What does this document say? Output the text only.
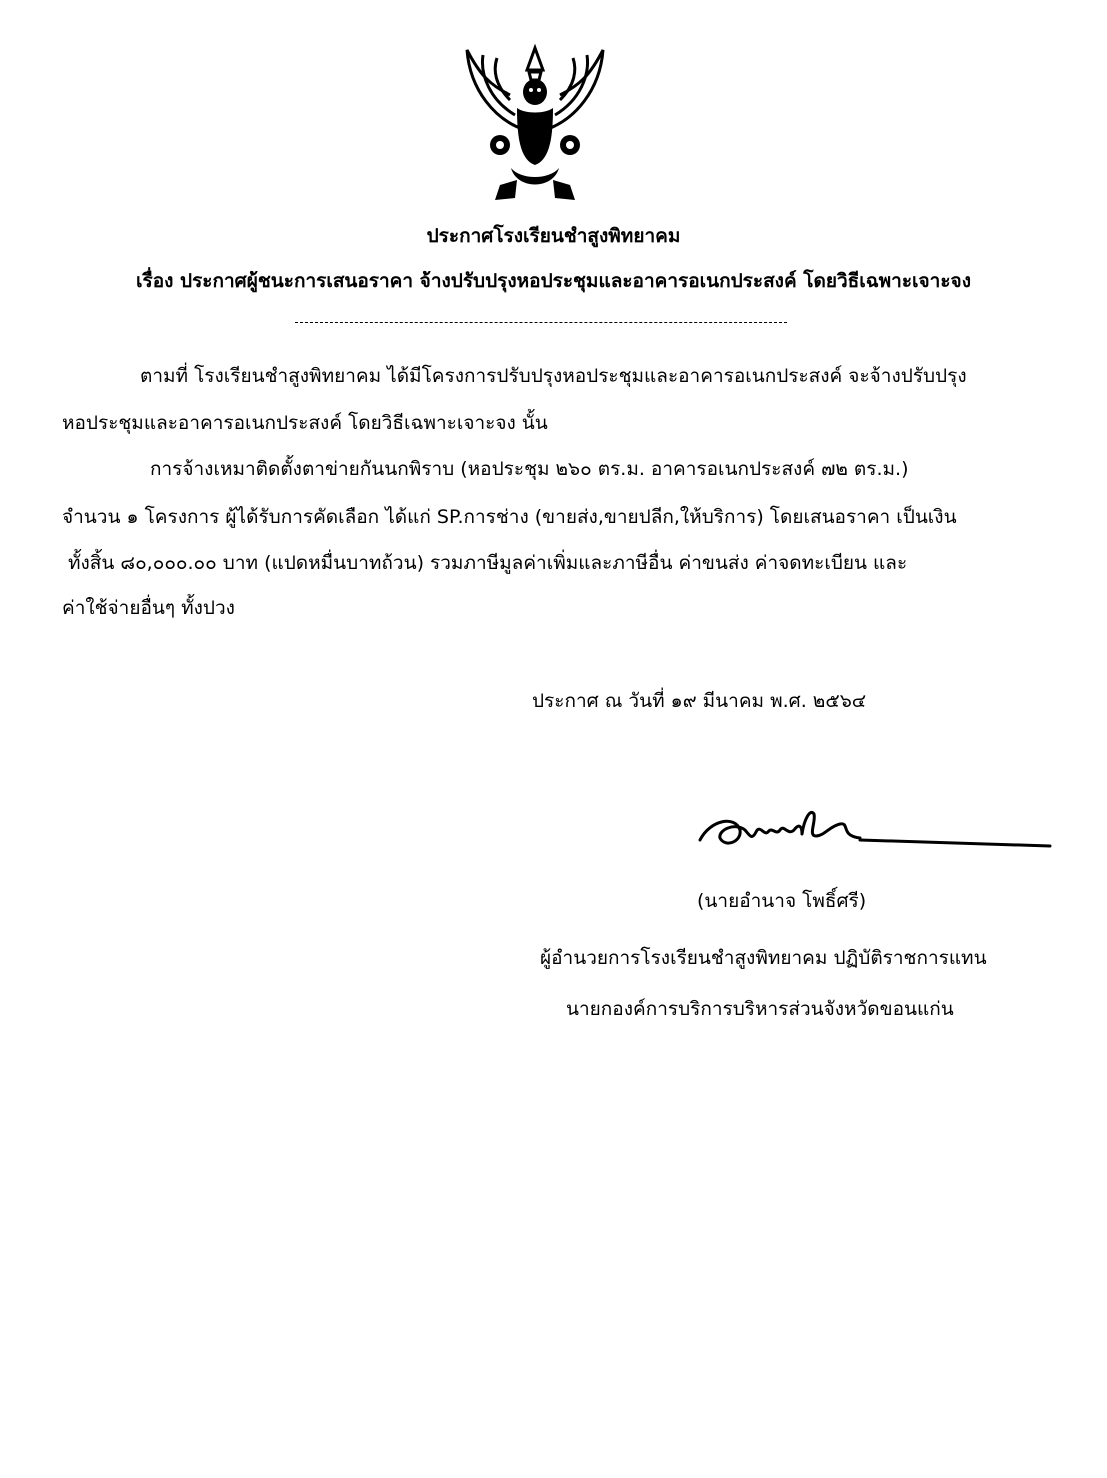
ประกาศโรงเรียนชำสูงพิทยาคม
เรื่อง ประกาศผู้ชนะการเสนอราคา จ้างปรับปรุงหอประชุมและอาคารอเนกประสงค์ โดยวิธีเฉพาะเจาะจง
ตามที่ โรงเรียนชำสูงพิทยาคม ได้มีโครงการปรับปรุงหอประชุมและอาคารอเนกประสงค์ จะจ้างปรับปรุง
หอประชุมและอาคารอเนกประสงค์ โดยวิธีเฉพาะเจาะจง นั้น
การจ้างเหมาติดตั้งตาข่ายกันนกพิราบ (หอประชุม ๒๖๐ ตร.ม. อาคารอเนกประสงค์ ๗๒ ตร.ม.)
จำนวน ๑ โครงการ ผู้ได้รับการคัดเลือก ได้แก่ SP.การช่าง (ขายส่ง,ขายปลีก,ให้บริการ) โดยเสนอราคา เป็นเงิน
ทั้งสิ้น ๘๐,๐๐๐.๐๐ บาท (แปดหมื่นบาทถ้วน) รวมภาษีมูลค่าเพิ่มและภาษีอื่น ค่าขนส่ง ค่าจดทะเบียน และ
ค่าใช้จ่ายอื่นๆ ทั้งปวง
ประกาศ ณ วันที่ ๑๙ มีนาคม พ.ศ. ๒๕๖๔
(นายอำนาจ โพธิ์ศรี)
ผู้อำนวยการโรงเรียนชำสูงพิทยาคม ปฏิบัติราชการแทน
นายกองค์การบริการบริหารส่วนจังหวัดขอนแก่น
